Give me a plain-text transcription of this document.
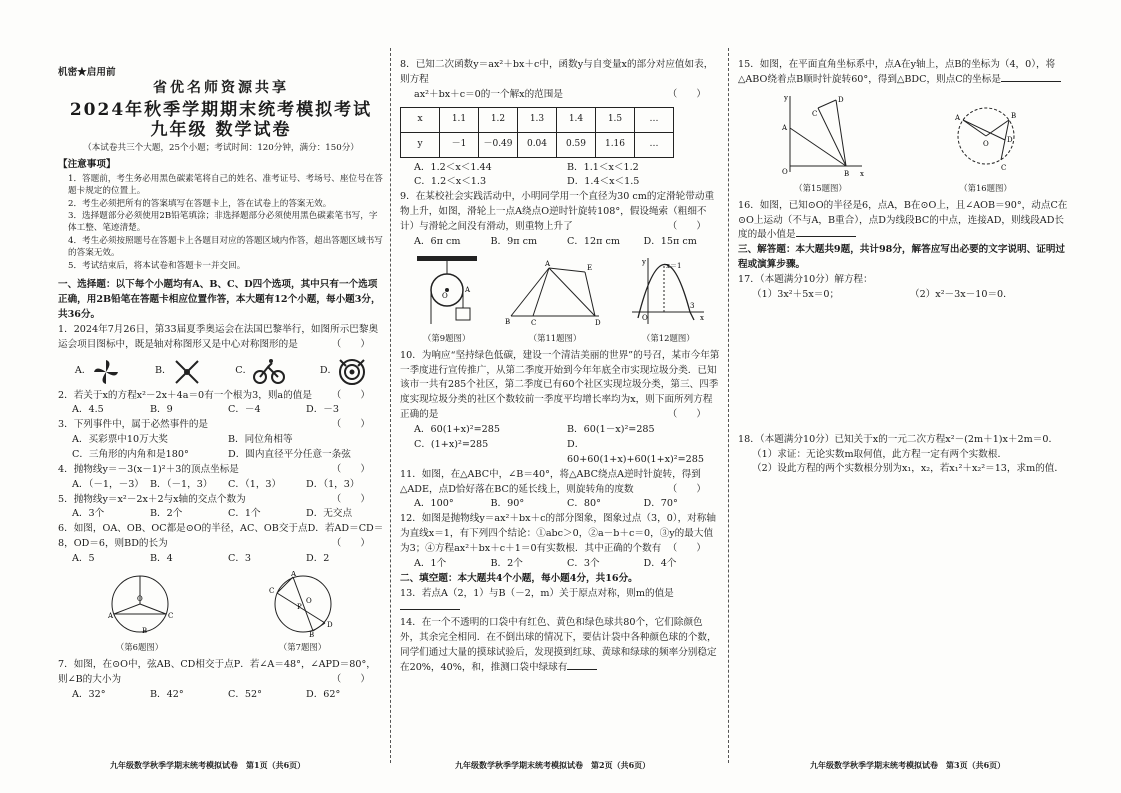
机密★启用前
省优名师资源共享
2024年秋季学期期末统考模拟考试
九年级 数学试卷
（本试卷共三个大题，25个小题；考试时间：120分钟，满分：150分）
【注意事项】

1．答题前，考生务必用黑色碳素笔将自己的姓名、准考证号、考场号、座位号在答题卡规定的位置上。

2．考生必须把所有的答案填写在答题卡上，答在试卷上的答案无效。

3．选择题部分必须使用2B铅笔填涂；非选择题部分必须使用黑色碳素笔书写，字体工整、笔迹清楚。

4．考生必须按照题号在答题卡上各题目对应的答题区域内作答，超出答题区域书写的答案无效。

5．考试结束后，将本试卷和答题卡一并交回。

一、选择题：以下每个小题均有A、B、C、D四个选项，其中只有一个选项正确，用2B铅笔在答题卡相应位置作答，本大题有12个小题，每小题3分，共36分。

1．2024年7月26日，第33届夏季奥运会在法国巴黎举行，如图所示巴黎奥运会项目图标中，既是轴对称图形又是中心对称图形的是	（　　）

A．	B．	C．	D．

2．若关于x的方程x²－2x＋4a＝0有一个根为3，则a的值是 （　　）

A．4.5	B．9	C．－4	D．－3

3．下列事件中，属于必然事件的是	（　　）

A．买彩票中10万大奖	B．同位角相等
C．三角形的内角和是180°	D．圆内直径平分任意一条弦

4．抛物线y＝－3(x－1)²＋3的顶点坐标是	（　　）

A．（－1，－3） B．（－1，3）	C．（1，3）	D．（1，3）

5．抛物线y＝x²－2x＋2与x轴的交点个数为	（　　）

A．3个	B．2个	C．1个	D．无交点

6．如图，OA、OB、OC都是⊙O的半径，AC、OB交于点D．若AD＝CD＝8，OD＝6，则BD的长为	（　　）

A．5	B．4	C．3	D．2
O
A	C
B
（第6题图）
O
C
A
P
D
B
（第7题图）

7．如图，在⊙O中，弦AB、CD相交于点P．若∠A＝48°，∠APD＝80°，则∠B的大小为	（　　）

A．32°	B．42°	C．52°	D．62°
九年级数学秋季学期末统考模拟试卷　第1页（共6页）

8．已知二次函数y＝ax²＋bx＋c中，函数y与自变量x的部分对应值如表，则方程

ax²＋bx＋c＝0的一个解x的范围是	（　　）

x	1.1	1.2	1.3	1.4	1.5	…
y	－1	－0.49	0.04	0.59	1.16	…
A．1.2＜x＜1.44	B．1.1＜x＜1.2
C．1.2＜x＜1.3	D．1.4＜x＜1.5

9．在某校社会实践活动中，小明同学用一个直径为30 cm的定滑轮带动重物上升，如图，滑轮上一点A绕点O逆时针旋转108°，假设绳索（粗细不计）与滑轮之间没有滑动，则重物上升了	（　　）

A．6π cm	B．9π cm	C．12π cm	D．15π cm
O
A
（第9题图）
A
B	C	D
E
（第11题图）
x＝1
3
O
y
x
（第12题图）

10．为响应“坚持绿色低碳，建设一个清洁美丽的世界”的号召，某市今年第一季度进行宣传推广，从第二季度开始到今年年底全市实现垃圾分类．已知该市一共有285个社区，第二季度已有60个社区实现垃圾分类，第三、四季度实现垃圾分类的社区个数较前一季度平均增长率均为x，则下面所列方程正确的是	（　　）

A．60(1+x)²=285	B．60(1－x)²=285
C．(1+x)²=285	D．60+60(1+x)+60(1+x)²=285

11．如图，在△ABC中，∠B＝40°，将△ABC绕点A逆时针旋转，得到△ADE，点D恰好落在BC的延长线上，则旋转角的度数	（　　）

A．100°	B．90°	C．80°	D．70°

12．如图是抛物线y＝ax²＋bx＋c的部分图象，图象过点（3，0），对称轴为直线x＝1，有下列四个结论：①abc＞0，②a－b＋c＝0，③y的最大值为3；④方程ax²＋bx＋c＋1＝0有实数根．其中正确的个数有 （　　）

A．1个	B．2个	C．3个	D．4个

二、填空题：本大题共4个小题，每小题4分，共16分。

13．若点A（2，1）与B（－2，m）关于原点对称，则m的值是

14．在一个不透明的口袋中有红色、黄色和绿色球共80个，它们除颜色外，其余完全相同．在不倒出球的情况下，要估计袋中各种颜色球的个数，同学们通过大量的摸球试验后，发现摸到红球、黄球和绿球的频率分别稳定在20%，40%，和，推测口袋中绿球有

九年级数学秋季学期末统考模拟试卷　第2页（共6页）

15．如图，在平面直角坐标系中，点A在y轴上，点B的坐标为（4，0），将△ABO绕着点B顺时针旋转60°，得到△BDC，则点C的坐标是

A
O	B
D
C
y
x
（第15题图）
O
A	B
D
C
（第16题图）

16．如图，已知⊙O的半径是6，点A，B在⊙O上，且∠AOB＝90°，动点C在⊙O上运动（不与A，B重合），点D为线段BC的中点，连接AD，则线段AD长度的最小值是

三、解答题：本大题共9题，共计98分，解答应写出必要的文字说明、证明过程或演算步骤。

17．（本题满分10分）解方程：

（1）3x²＋5x＝0；	（2）x²－3x－10＝0．

18．（本题满分10分）已知关于x的一元二次方程x²－(2m＋1)x＋2m＝0．

（1）求证：无论实数m取何值，此方程一定有两个实数根．

（2）设此方程的两个实数根分别为x₁，x₂，若x₁²＋x₂²＝13，求m的值．

九年级数学秋季学期末统考模拟试卷　第3页（共6页）
